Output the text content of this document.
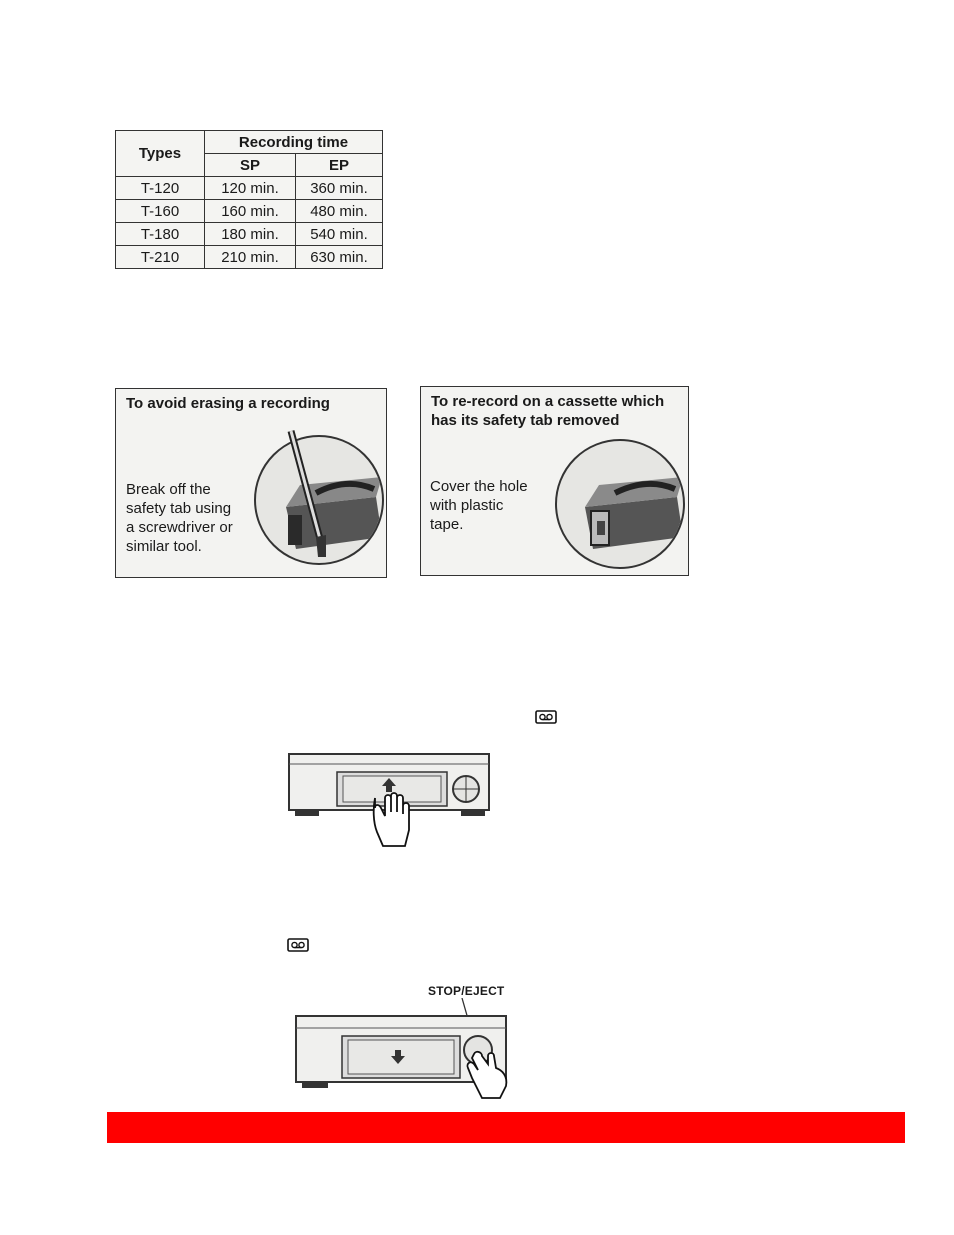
Types	Recording time	
	SP	EP
T-120	120 min.	360 min.
T-160	160 min.	480 min.
T-180	180 min.	540 min.
T-210	210 min.	630 min.
To avoid erasing a recording
Break off the
safety tab using
a screwdriver or
similar tool.
To re-record on a cassette which
has its safety tab removed
Cover the hole
with plastic
tape.
STOP/EJECT
